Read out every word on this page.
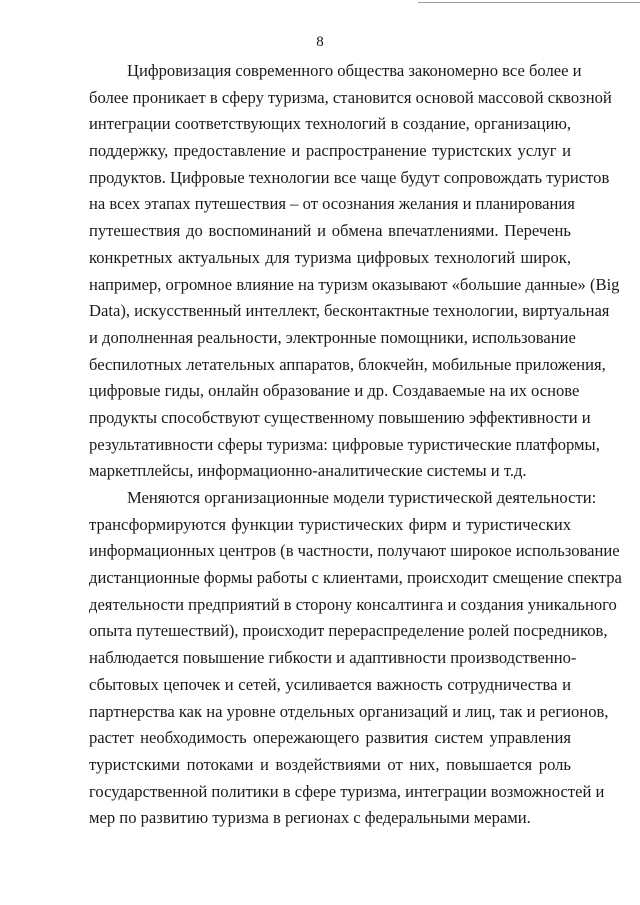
8

Цифровизация современного общества закономерно все более и
более проникает в сферу туризма, становится основой массовой сквозной
интеграции соответствующих технологий в создание, организацию,
поддержку, предоставление и распространение туристских услуг и
продуктов. Цифровые технологии все чаще будут сопровождать туристов
на всех этапах путешествия – от осознания желания и планирования
путешествия до воспоминаний и обмена впечатлениями. Перечень
конкретных актуальных для туризма цифровых технологий широк,
например, огромное влияние на туризм оказывают «большие данные» (Big
Data), искусственный интеллект, бесконтактные технологии, виртуальная
и дополненная реальности, электронные помощники, использование
беспилотных летательных аппаратов, блокчейн, мобильные приложения,
цифровые гиды, онлайн образование и др. Создаваемые на их основе
продукты способствуют существенному повышению эффективности и
результативности сферы туризма: цифровые туристические платформы,
маркетплейсы, информационно-аналитические системы и т.д.

Меняются организационные модели туристической деятельности:
трансформируются функции туристических фирм и туристических
информационных центров (в частности, получают широкое использование
дистанционные формы работы с клиентами, происходит смещение спектра
деятельности предприятий в сторону консалтинга и создания уникального
опыта путешествий), происходит перераспределение ролей посредников,
наблюдается повышение гибкости и адаптивности производственно-
сбытовых цепочек и сетей, усиливается важность сотрудничества и
партнерства как на уровне отдельных организаций и лиц, так и регионов,
растет необходимость опережающего развития систем управления
туристскими потоками и воздействиями от них, повышается роль
государственной политики в сфере туризма, интеграции возможностей и
мер по развитию туризма в регионах с федеральными мерами.
